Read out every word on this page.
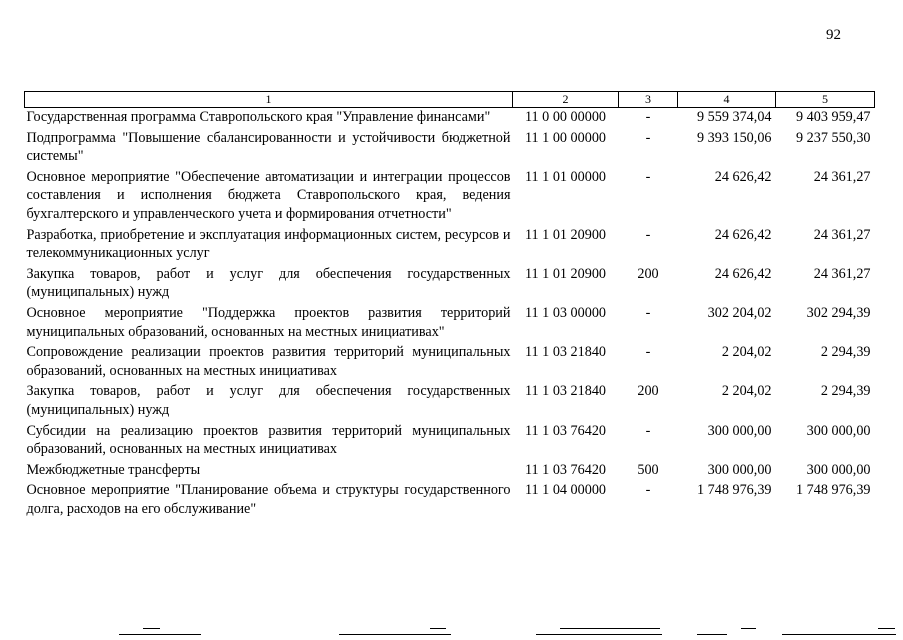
92
1	2	3	4	5
Государственная программа Ставропольского края "Управление финансами"	11 0 00 00000	-	9 559 374,04	9 403 959,47
Подпрограмма "Повышение сбалансированности и устойчивости бюджетной системы"	11 1 00 00000	-	9 393 150,06	9 237 550,30
Основное мероприятие "Обеспечение автоматизации и интеграции процессов составления и исполнения бюджета Ставропольского края, ведения бухгалтерского и управленческого учета и формирования отчетности"	11 1 01 00000	-	24 626,42	24 361,27
Разработка, приобретение и эксплуатация информационных систем, ресурсов и телекоммуникационных услуг	11 1 01 20900	-	24 626,42	24 361,27
Закупка товаров, работ и услуг для обеспечения государственных (муниципальных) нужд	11 1 01 20900	200	24 626,42	24 361,27
Основное мероприятие "Поддержка проектов развития территорий муниципальных образований, основанных на местных инициативах"	11 1 03 00000	-	302 204,02	302 294,39
Сопровождение реализации проектов развития территорий муниципальных образований, основанных на местных инициативах	11 1 03 21840	-	2 204,02	2 294,39
Закупка товаров, работ и услуг для обеспечения государственных (муниципальных) нужд	11 1 03 21840	200	2 204,02	2 294,39
Субсидии на реализацию проектов развития территорий муниципальных образований, основанных на местных инициативах	11 1 03 76420	-	300 000,00	300 000,00
Межбюджетные трансферты	11 1 03 76420	500	300 000,00	300 000,00
Основное мероприятие "Планирование объема и структуры государственного долга, расходов на его обслуживание"	11 1 04 00000	-	1 748 976,39	1 748 976,39
